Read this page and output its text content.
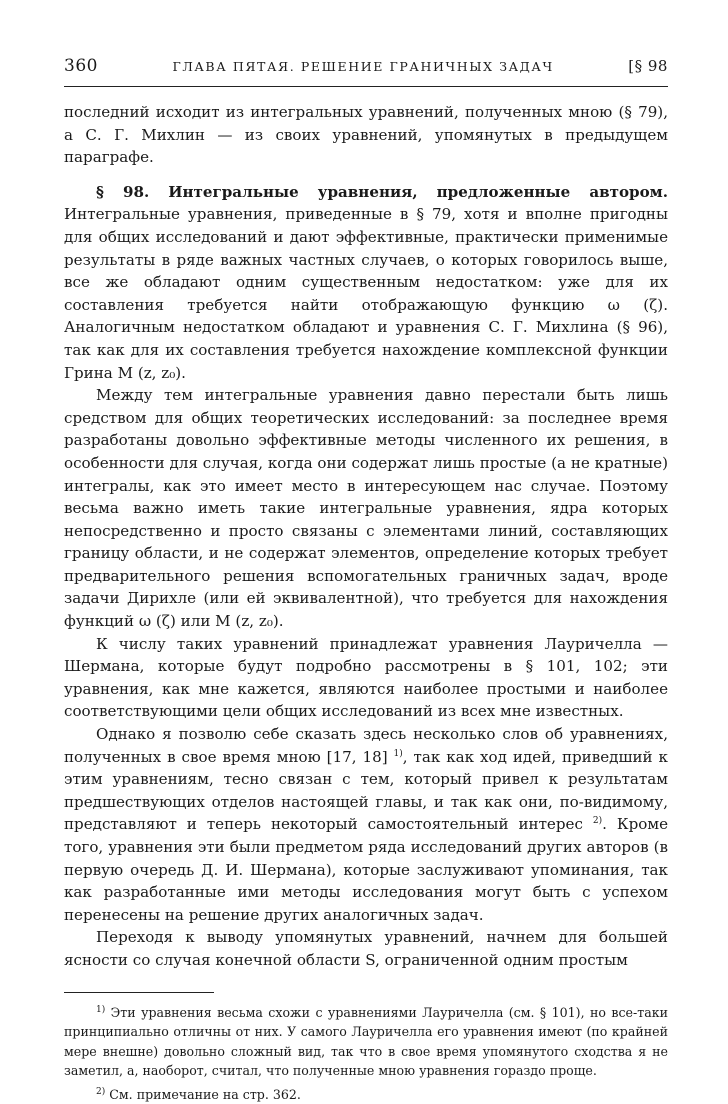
360	ГЛАВА ПЯТАЯ. РЕШЕНИЕ ГРАНИЧНЫХ ЗАДАЧ	[§ 98

последний исходит из интегральных уравнений, полученных мною (§ 79), а С. Г. Михлин — из своих уравнений, упомянутых в предыдущем параграфе.

§ 98. Интегральные уравнения, предложенные автором. Интегральные уравнения, приведенные в § 79, хотя и вполне пригодны для общих исследований и дают эффективные, практически применимые результаты в ряде важных частных случаев, о которых говорилось выше, все же обладают одним существенным недостатком: уже для их составления требуется найти отображающую функцию ω (ζ). Аналогичным недостатком обладают и уравнения С. Г. Михлина (§ 96), так как для их составления требуется нахождение комплексной функции Грина M (z, z₀).

Между тем интегральные уравнения давно перестали быть лишь средством для общих теоретических исследований: за последнее время разработаны довольно эффективные методы численного их решения, в особенности для случая, когда они содержат лишь простые (а не кратные) интегралы, как это имеет место в интересующем нас случае. Поэтому весьма важно иметь такие интегральные уравнения, ядра которых непосредственно и просто связаны с элементами линий, составляющих границу области, и не содержат элементов, определение которых требует предварительного решения вспомогательных граничных задач, вроде задачи Дирихле (или ей эквивалентной), что требуется для нахождения функций ω (ζ) или M (z, z₀).

К числу таких уравнений принадлежат уравнения Лауричелла — Шермана, которые будут подробно рассмотрены в § 101, 102; эти уравнения, как мне кажется, являются наиболее простыми и наиболее соответствующими цели общих исследований из всех мне известных.

Однако я позволю себе сказать здесь несколько слов об уравнениях, полученных в свое время мною [17, 18] $^{1)}$, так как ход идей, приведший к этим уравнениям, тесно связан с тем, который привел к результатам предшествующих отделов настоящей главы, и так как они, по-видимому, представляют и теперь некоторый самостоятельный интерес $^{2)}$. Кроме того, уравнения эти были предметом ряда исследований других авторов (в первую очередь Д. И. Шермана), которые заслуживают упоминания, так как разработанные ими методы исследования могут быть с успехом перенесены на решение других аналогичных задач.

Переходя к выводу упомянутых уравнений, начнем для большей ясности со случая конечной области S, ограниченной одним простым

$^{1)}$ Эти уравнения весьма схожи с уравнениями Лауричелла (см. § 101), но все-таки принципиально отличны от них. У самого Лауричелла его уравнения имеют (по крайней мере внешне) довольно сложный вид, так что в свое время упомянутого сходства я не заметил, а, наоборот, считал, что полученные мною уравнения гораздо проще.

$^{2)}$ См. примечание на стр. 362.
